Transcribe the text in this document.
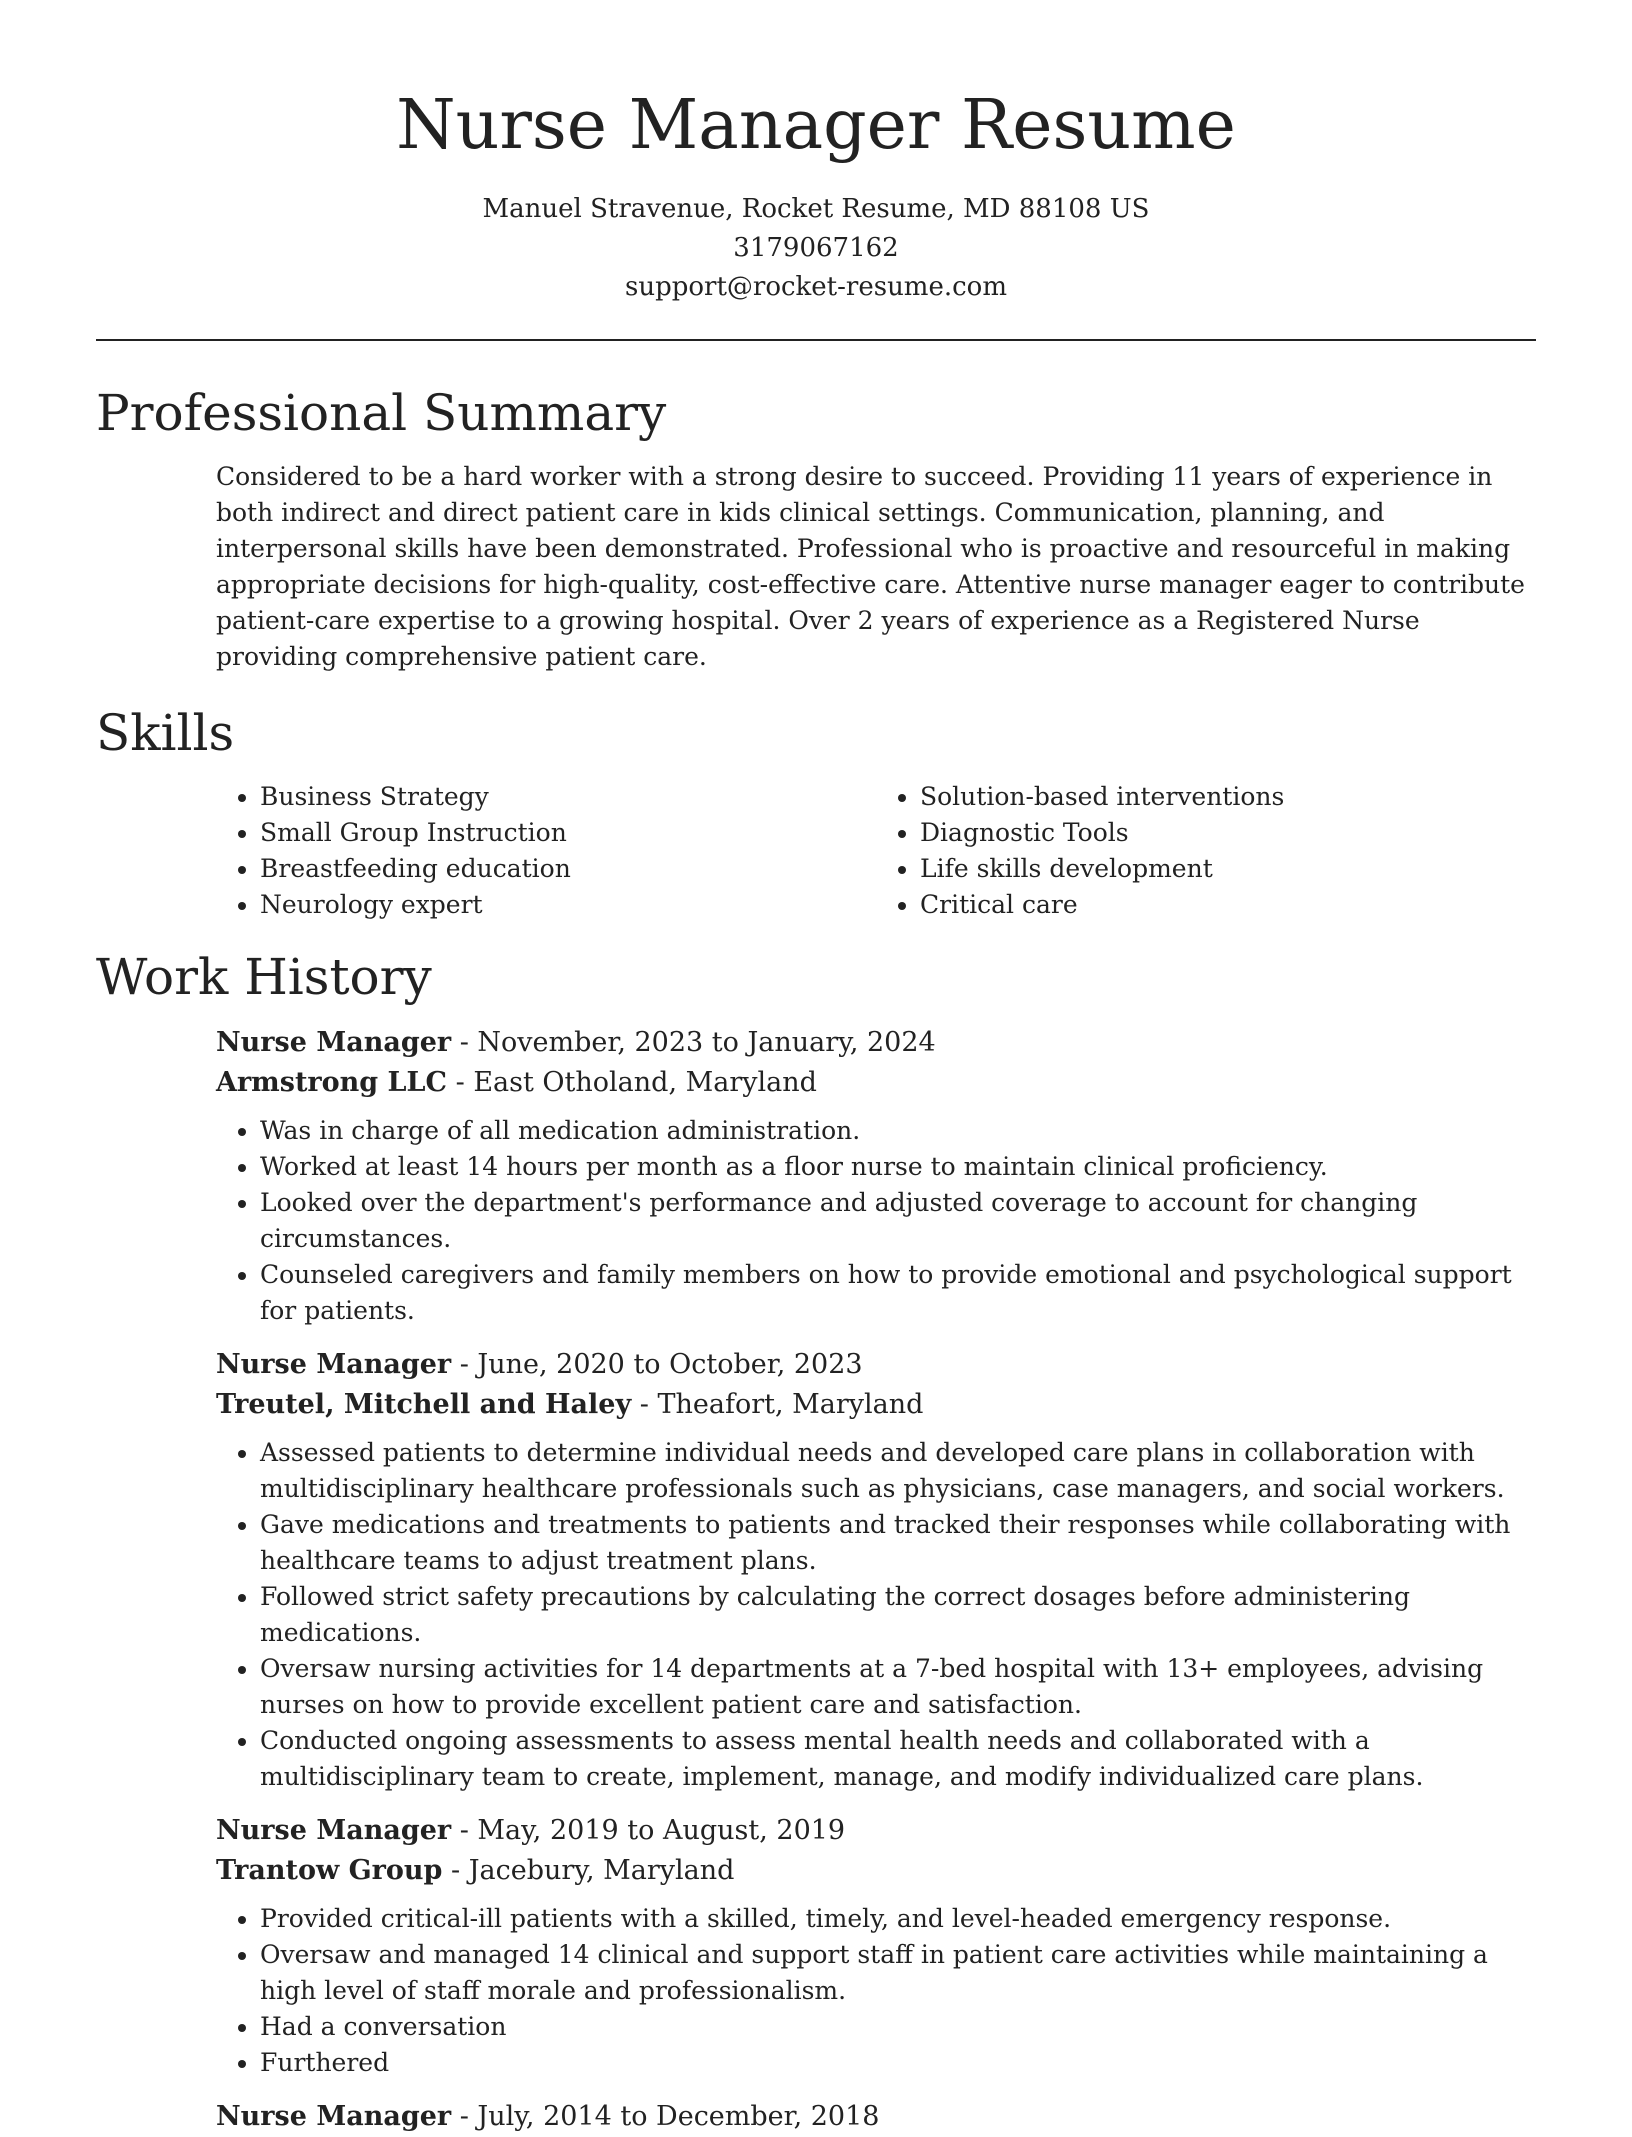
Nurse Manager Resume
Manuel Stravenue, Rocket Resume, MD 88108 US
3179067162
support@rocket-resume.com
Professional Summary

Considered to be a hard worker with a strong desire to succeed. Providing 11 years of experience in both indirect and direct patient care in kids clinical settings. Communication, planning, and interpersonal skills have been demonstrated. Professional who is proactive and resourceful in making appropriate decisions for high-quality, cost-effective care. Attentive nurse manager eager to contribute patient-care expertise to a growing hospital. Over 2 years of experience as a Registered Nurse providing comprehensive patient care.

Skills
• Business Strategy
• Small Group Instruction
• Breastfeeding education
• Neurology expert
• Solution-based interventions
• Diagnostic Tools
• Life skills development
• Critical care
Work History
Nurse Manager - November, 2023 to January, 2024
Armstrong LLC - East Otholand, Maryland
• Was in charge of all medication administration.
• Worked at least 14 hours per month as a floor nurse to maintain clinical proficiency.
• Looked over the department's performance and adjusted coverage to account for changing circumstances.
• Counseled caregivers and family members on how to provide emotional and psychological support for patients.
Nurse Manager - June, 2020 to October, 2023
Treutel, Mitchell and Haley - Theafort, Maryland
• Assessed patients to determine individual needs and developed care plans in collaboration with multidisciplinary healthcare professionals such as physicians, case managers, and social workers.
• Gave medications and treatments to patients and tracked their responses while collaborating with healthcare teams to adjust treatment plans.
• Followed strict safety precautions by calculating the correct dosages before administering medications.
• Oversaw nursing activities for 14 departments at a 7-bed hospital with 13+ employees, advising nurses on how to provide excellent patient care and satisfaction.
• Conducted ongoing assessments to assess mental health needs and collaborated with a multidisciplinary team to create, implement, manage, and modify individualized care plans.
Nurse Manager - May, 2019 to August, 2019
Trantow Group - Jacebury, Maryland
• Provided critical-ill patients with a skilled, timely, and level-headed emergency response.
• Oversaw and managed 14 clinical and support staff in patient care activities while maintaining a high level of staff morale and professionalism.
• Had a conversation
• Furthered
Nurse Manager - July, 2014 to December, 2018
